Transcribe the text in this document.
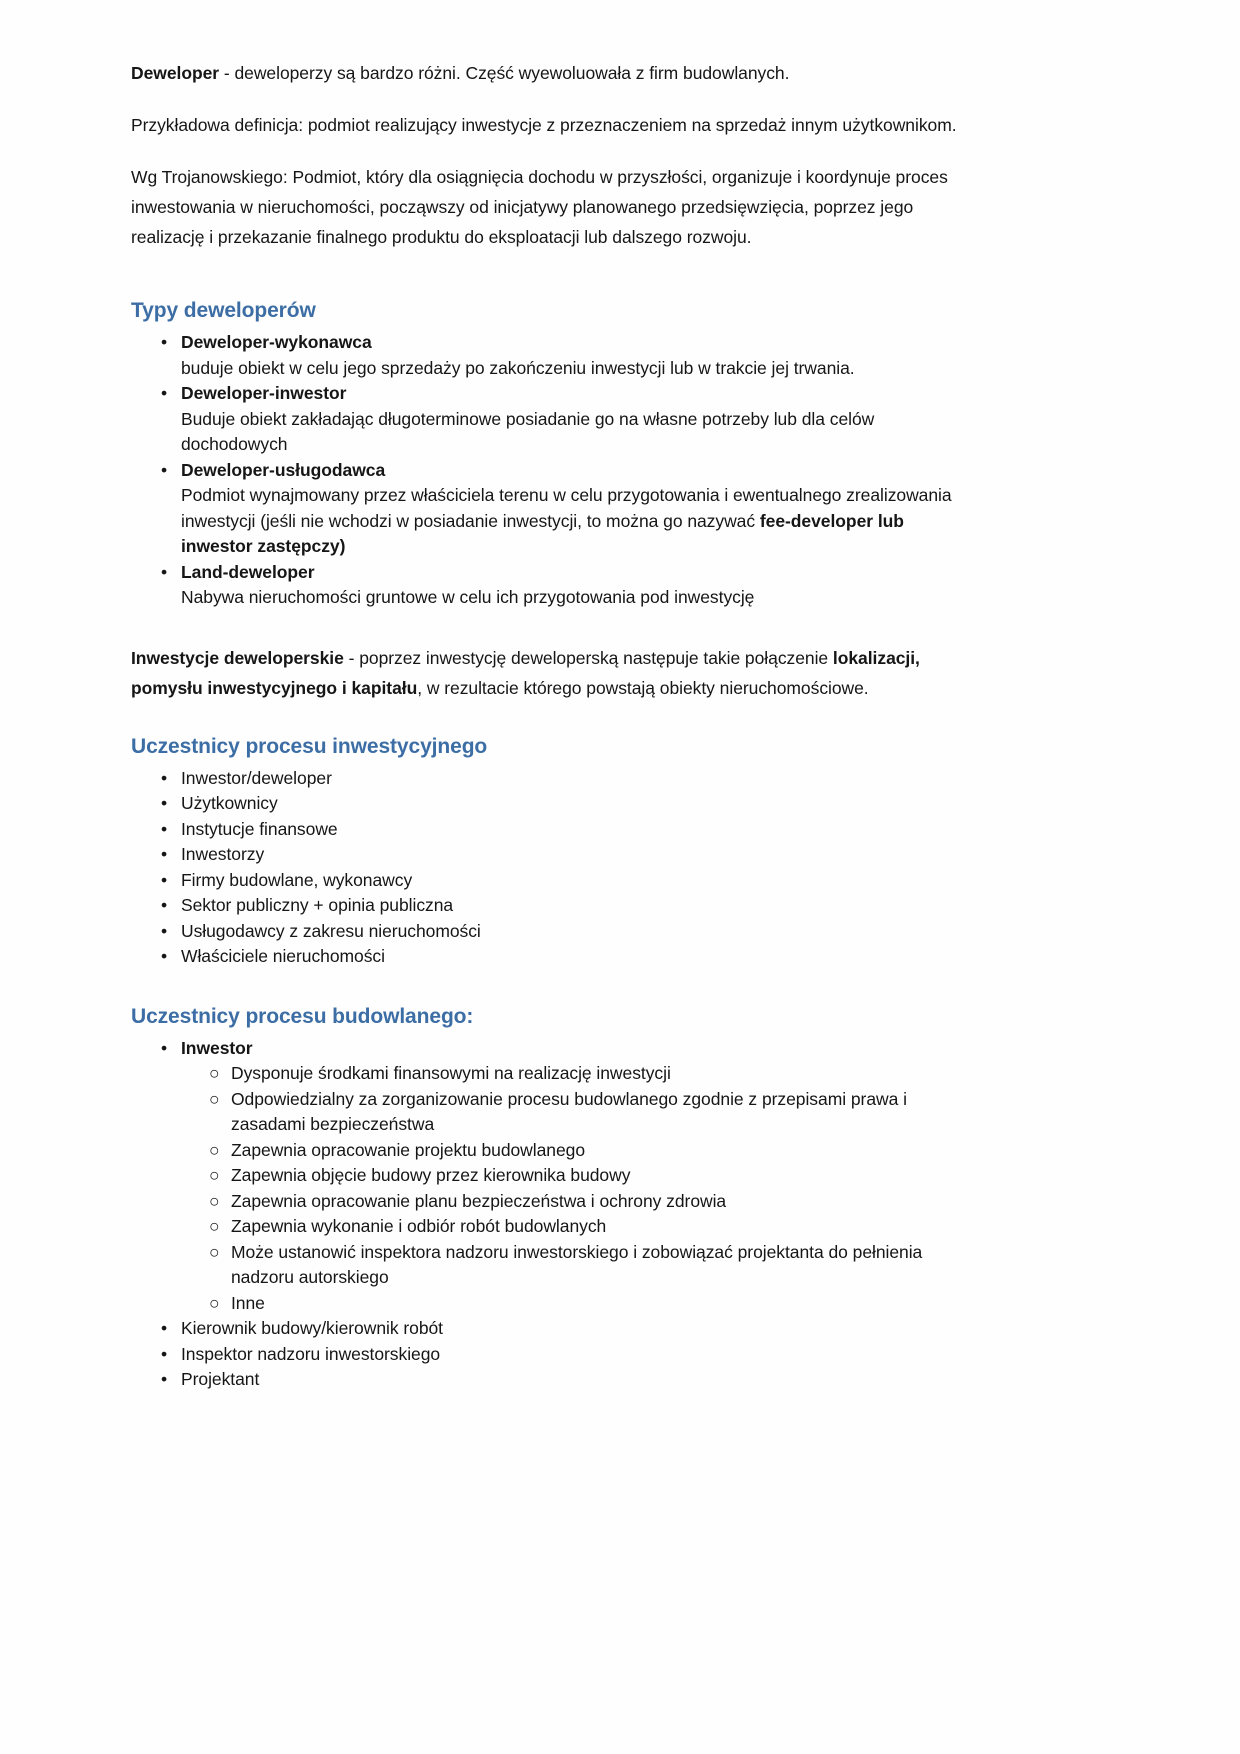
Deweloper - deweloperzy są bardzo różni. Część wyewoluowała z firm budowlanych.

Przykładowa definicja: podmiot realizujący inwestycje z przeznaczeniem na sprzedaż innym użytkownikom.

Wg Trojanowskiego: Podmiot, który dla osiągnięcia dochodu w przyszłości, organizuje i koordynuje proces inwestowania w nieruchomości, począwszy od inicjatywy planowanego przedsięwzięcia, poprzez jego realizację i przekazanie finalnego produktu do eksploatacji lub dalszego rozwoju.

Typy deweloperów
• Deweloper-wykonawca
buduje obiekt w celu jego sprzedaży po zakończeniu inwestycji lub w trakcie jej trwania.
• Deweloper-inwestor
Buduje obiekt zakładając długoterminowe posiadanie go na własne potrzeby lub dla celów dochodowych
• Deweloper-usługodawca
Podmiot wynajmowany przez właściciela terenu w celu przygotowania i ewentualnego zrealizowania inwestycji (jeśli nie wchodzi w posiadanie inwestycji, to można go nazywać fee-developer lub inwestor zastępczy)
• Land-deweloper
Nabywa nieruchomości gruntowe w celu ich przygotowania pod inwestycję

Inwestycje deweloperskie - poprzez inwestycję deweloperską następuje takie połączenie lokalizacji, pomysłu inwestycyjnego i kapitału, w rezultacie którego powstają obiekty nieruchomościowe.

Uczestnicy procesu inwestycyjnego
• Inwestor/deweloper
• Użytkownicy
• Instytucje finansowe
• Inwestorzy
• Firmy budowlane, wykonawcy
• Sektor publiczny + opinia publiczna
• Usługodawcy z zakresu nieruchomości
• Właściciele nieruchomości
Uczestnicy procesu budowlanego:
• Inwestor
○ Dysponuje środkami finansowymi na realizację inwestycji
○ Odpowiedzialny za zorganizowanie procesu budowlanego zgodnie z przepisami prawa i zasadami bezpieczeństwa
○ Zapewnia opracowanie projektu budowlanego
○ Zapewnia objęcie budowy przez kierownika budowy
○ Zapewnia opracowanie planu bezpieczeństwa i ochrony zdrowia
○ Zapewnia wykonanie i odbiór robót budowlanych
○ Może ustanowić inspektora nadzoru inwestorskiego i zobowiązać projektanta do pełnienia nadzoru autorskiego
○ Inne
• Kierownik budowy/kierownik robót
• Inspektor nadzoru inwestorskiego
• Projektant
